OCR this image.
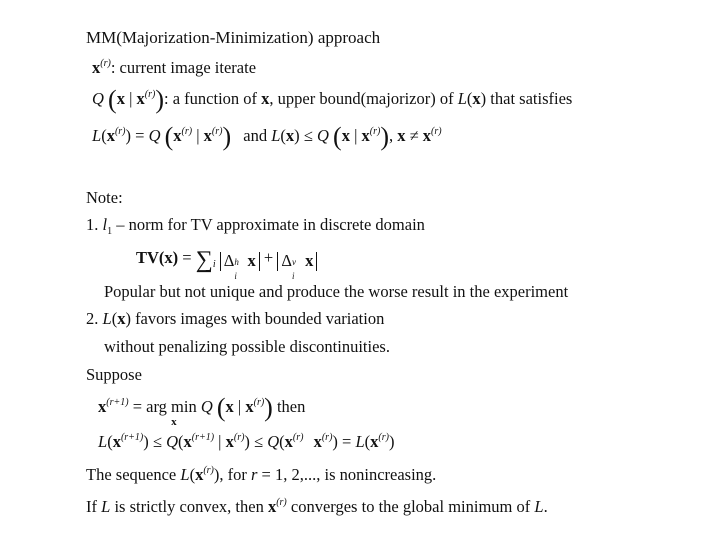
MM(Majorization-Minimization) approach
$x^{(r)}$: current image iterate
Q (x | $x^{(r)}$): a function of x, upper bound(majorizor) of L(x) that satisfies
$L(x^{(r)}) = Q$ ($x^{(r)}$ | $x^{(r)}$) and L(x) ≤ Q (x | $x^{(r)}$), $x \ne x^{(r)}$
Note:
1. $l_1$ – norm for TV approximate in discrete domain
$TV(x) = \sum_i$ Δ h
i
x + Δ v
i
x
Popular but not unique and produce the worse result in the experiment
2. L(x) favors images with bounded variation
without penalizing possible discontinuities.
Suppose
$x^{(r+1)}$ = arg min
x
Q (x | $x^{(r)}$) then
$L(x^{(r+1)}) \le Q(x^{(r+1)}$ | $x^{(r)}) \le Q(x^{(r)}$ $x^{(r)}) = L(x^{(r)})$
The sequence $L(x^{(r)})$, for r = 1, 2,..., is nonincreasing.
If L is strictly convex, then $x^{(r)}$ converges to the global minimum of L.
